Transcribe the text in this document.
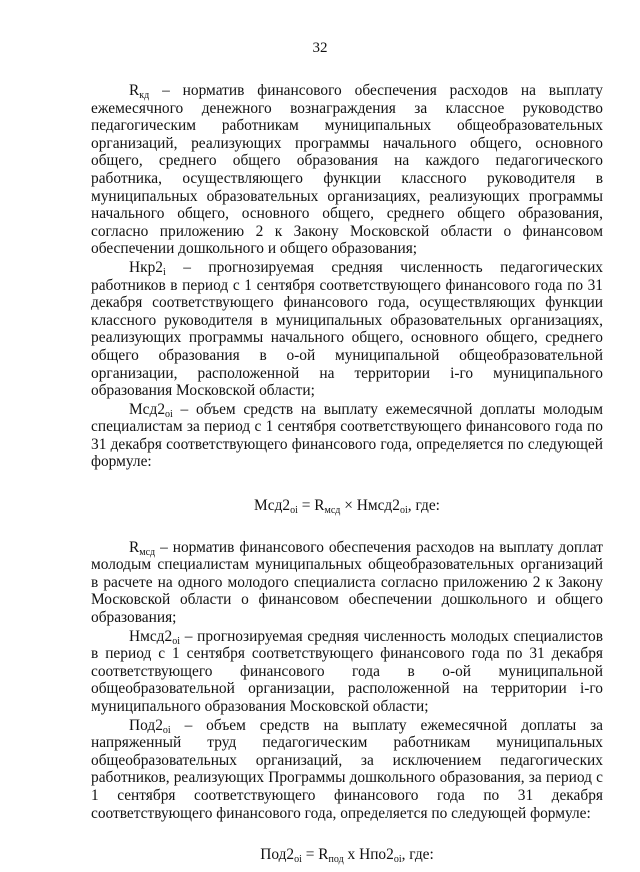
32

$R_{кд}$ – норматив финансового обеспечения расходов на выплату ежемесячного денежного вознаграждения за классное руководство педагогическим работникам муниципальных общеобразовательных организаций, реализующих программы начального общего, основного общего, среднего общего образования на каждого педагогического работника, осуществляющего функции классного руководителя в муниципальных образовательных организациях, реализующих программы начального общего, основного общего, среднего общего образования, согласно приложению 2 к Закону Московской области о финансовом обеспечении дошкольного и общего образования;

$Нкр2_i$ – прогнозируемая средняя численность педагогических работников в период с 1 сентября соответствующего финансового года по 31 декабря соответствующего финансового года, осуществляющих функции классного руководителя в муниципальных образовательных организациях, реализующих программы начального общего, основного общего, среднего общего образования в о-ой муниципальной общеобразовательной организации, расположенной на территории i-го муниципального образования Московской области;

$Мсд2_{oi}$ – объем средств на выплату ежемесячной доплаты молодым специалистам за период с 1 сентября соответствующего финансового года по 31 декабря соответствующего финансового года, определяется по следующей формуле:

$Мсд2_{oi} = R_{мсд}$ × $Нмсд2_{oi}$, где:

$R_{мсд}$ – норматив финансового обеспечения расходов на выплату доплат молодым специалистам муниципальных общеобразовательных организаций в расчете на одного молодого специалиста согласно приложению 2 к Закону Московской области о финансовом обеспечении дошкольного и общего образования;

$Нмсд2_{oi}$ – прогнозируемая средняя численность молодых специалистов в период с 1 сентября соответствующего финансового года по 31 декабря соответствующего финансового года в о-ой муниципальной общеобразовательной организации, расположенной на территории i-го муниципального образования Московской области;

$Под2_{oi}$ – объем средств на выплату ежемесячной доплаты за напряженный труд педагогическим работникам муниципальных общеобразовательных организаций, за исключением педагогических работников, реализующих Программы дошкольного образования, за период с 1 сентября соответствующего финансового года по 31 декабря соответствующего финансового года, определяется по следующей формуле:

$Под2_{oi} = R_{под}$ х $Нпо2_{oi}$, где:
